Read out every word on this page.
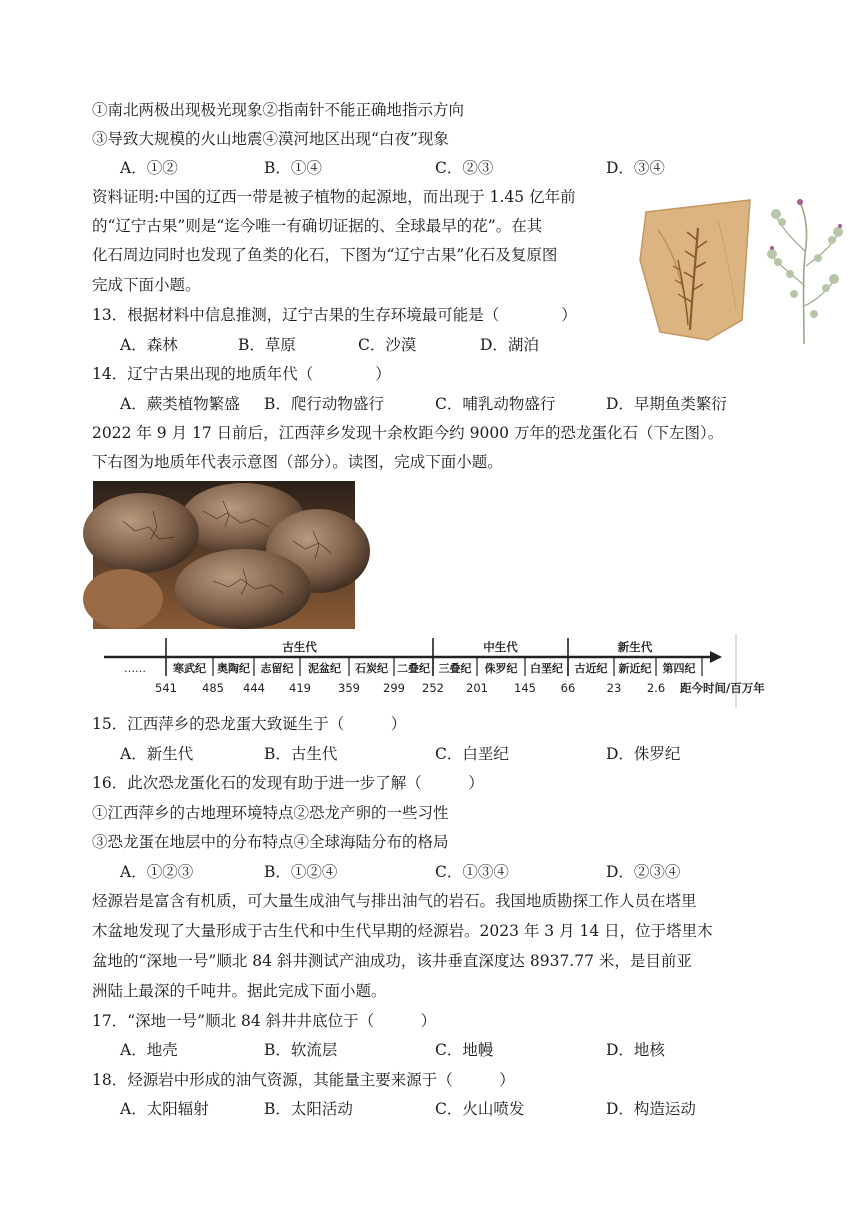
①南北两极出现极光现象②指南针不能正确地指示方向
③导致大规模的火山地震④漠河地区出现“白夜”现象
A．①②	B．①④	C．②③	D．③④
资料证明:中国的辽西一带是被子植物的起源地，而出现于 1.45 亿年前
的“辽宁古果”则是“迄今唯一有确切证据的、全球最早的花”。在其
化石周边同时也发现了鱼类的化石，下图为“辽宁古果”化石及复原图
完成下面小题。
13．根据材料中信息推测，辽宁古果的生存环境最可能是（　　　　）
A．森林	B．草原	C．沙漠	D．湖泊
14．辽宁古果出现的地质年代（　　　　）
A．蕨类植物繁盛 B．爬行动物盛行	C．哺乳动物盛行	D．早期鱼类繁衍
2022 年 9 月 17 日前后，江西萍乡发现十余枚距今约 9000 万年的恐龙蛋化石（下左图）。
下右图为地质年代表示意图（部分）。读图，完成下面小题。
……
古生代	中生代	新生代
寒武纪 奥陶纪 志留纪 泥盆纪 石炭纪 二叠纪 三叠纪 侏罗纪 白垩纪 古近纪 新近纪 第四纪
541 485 444 419 359 299 252 201 145 66	23 2.6 距今时间/百万年
15．江西萍乡的恐龙蛋大致诞生于（　　　）
A．新生代	B．古生代	C．白垩纪	D．侏罗纪
16．此次恐龙蛋化石的发现有助于进一步了解（　　　）
①江西萍乡的古地理环境特点②恐龙产卵的一些习性
③恐龙蛋在地层中的分布特点④全球海陆分布的格局
A．①②③	B．①②④	C．①③④	D．②③④
烃源岩是富含有机质，可大量生成油气与排出油气的岩石。我国地质勘探工作人员在塔里
木盆地发现了大量形成于古生代和中生代早期的烃源岩。2023 年 3 月 14 日，位于塔里木
盆地的“深地一号”顺北 84 斜井测试产油成功，该井垂直深度达 8937.77 米，是目前亚
洲陆上最深的千吨井。据此完成下面小题。
17．“深地一号”顺北 84 斜井井底位于（　　　）
A．地壳	B．软流层	C．地幔	D．地核
18．烃源岩中形成的油气资源，其能量主要来源于（　　　）
A．太阳辐射	B．太阳活动	C．火山喷发	D．构造运动
